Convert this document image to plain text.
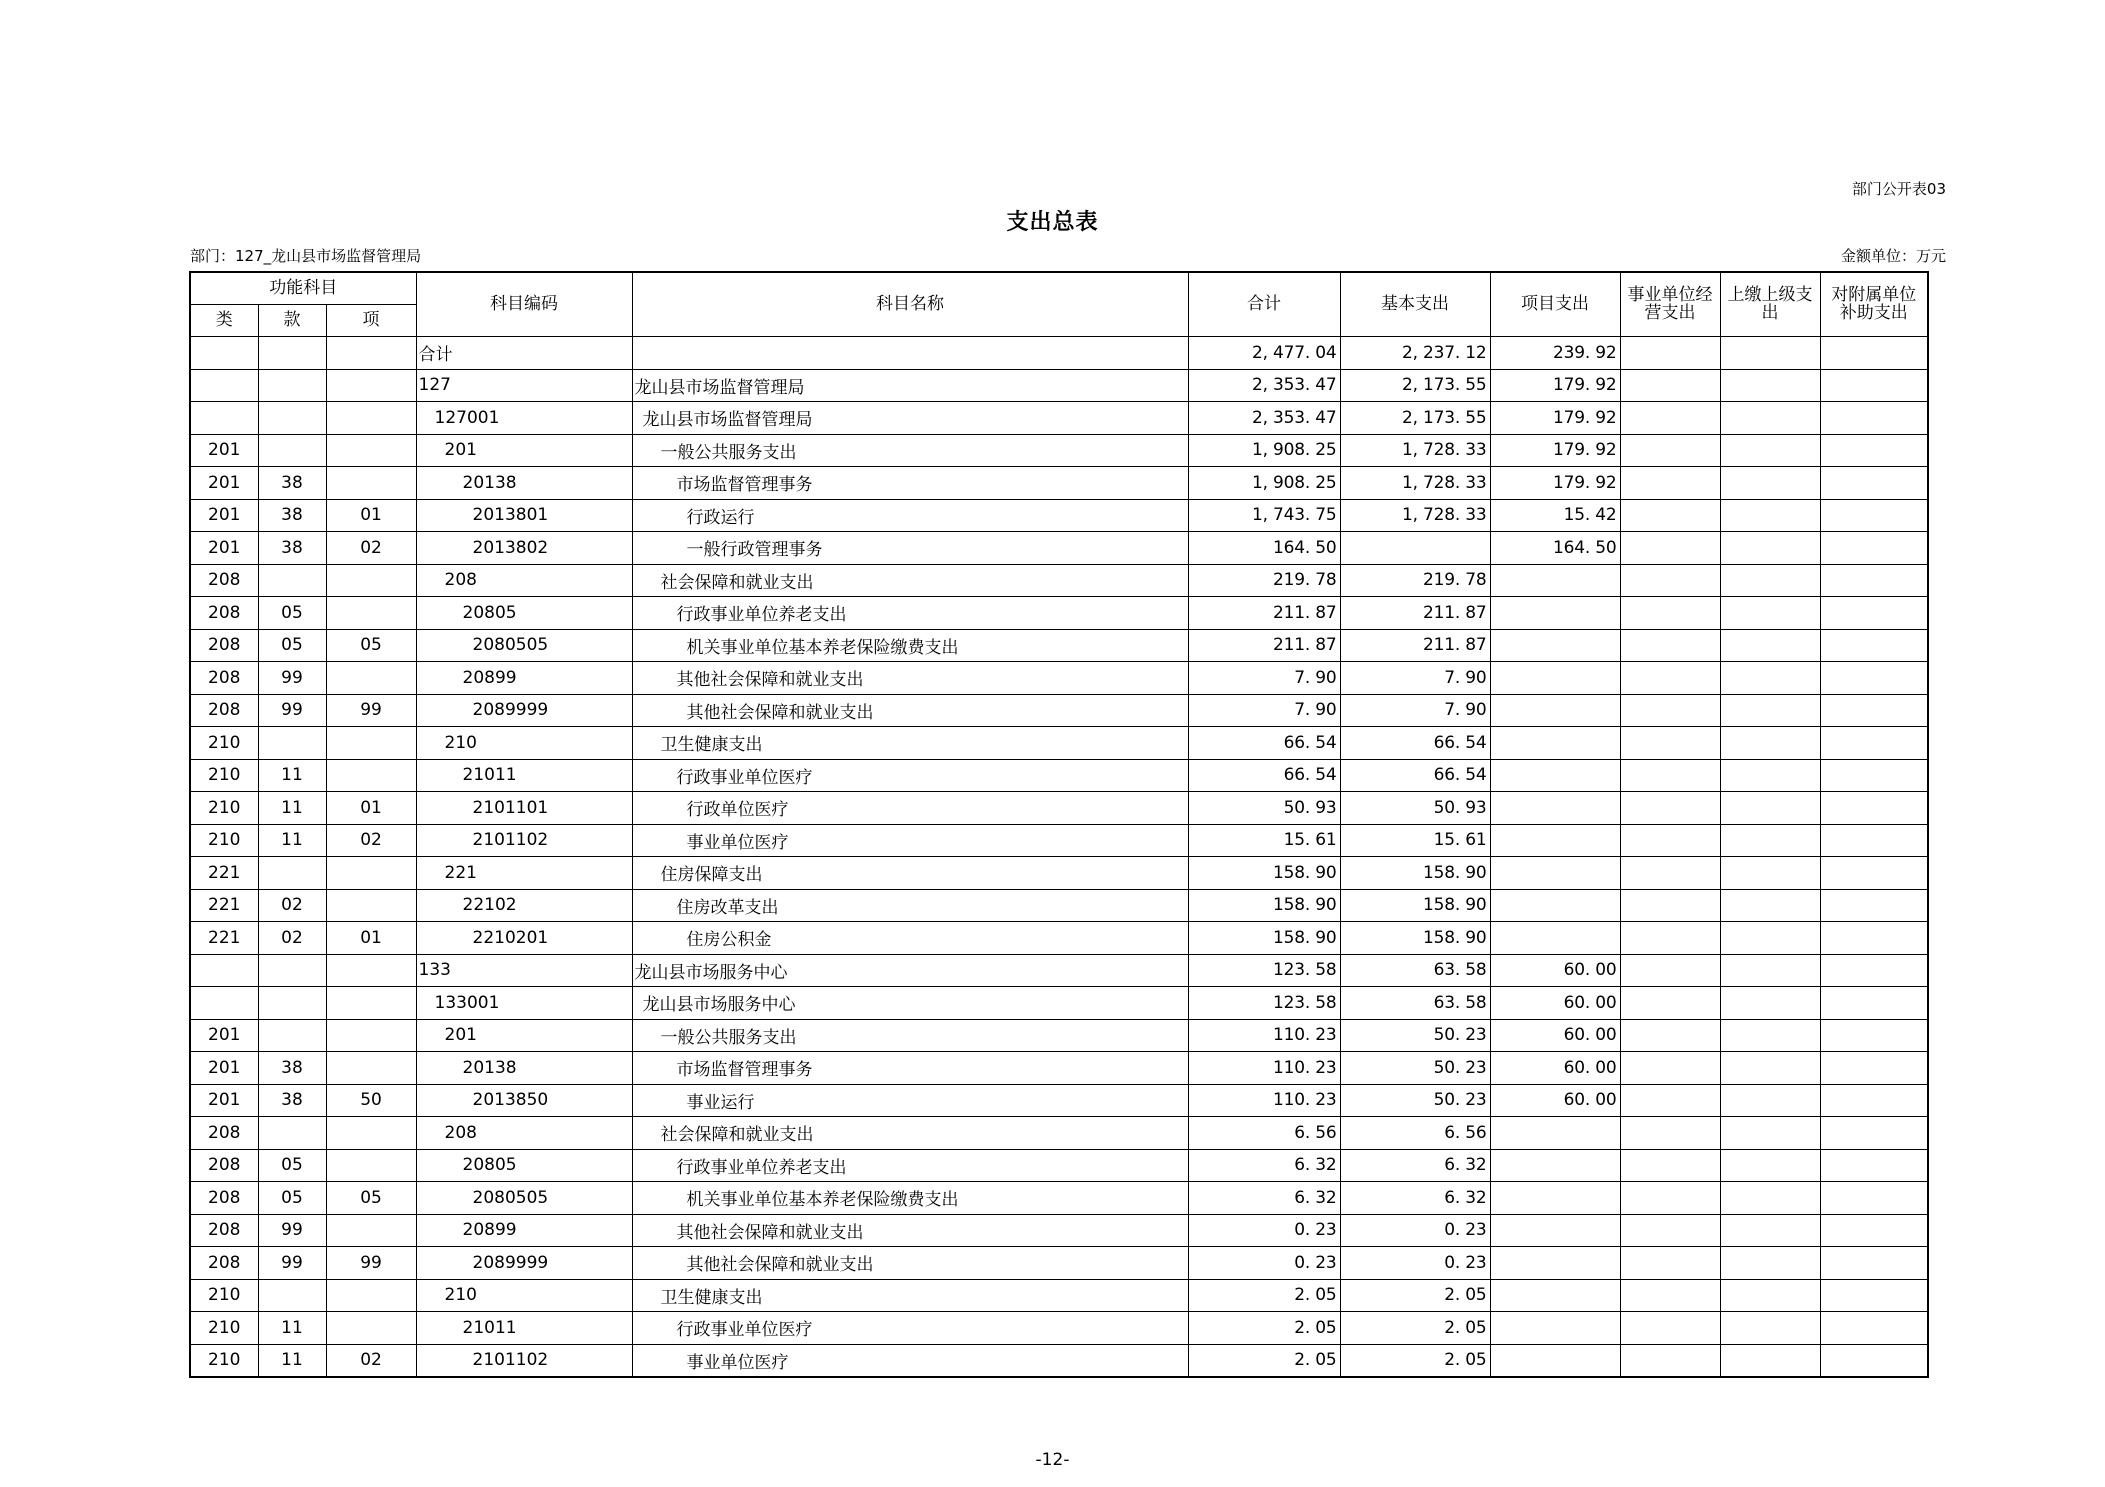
部门公开表03
支出总表
部门：127_龙山县市场监督管理局	金额单位：万元
功能科目			科目编码	科目名称	合计	基本支出	项目支出	事业单位经营支出	上缴上级支出	对附属单位补助支出
类	款	项								
			合计		2, 477. 04	2, 237. 12	239. 92			
			127	龙山县市场监督管理局	2, 353. 47	2, 173. 55	179. 92			
			127001	龙山县市场监督管理局	2, 353. 47	2, 173. 55	179. 92			
201			201	一般公共服务支出	1, 908. 25	1, 728. 33	179. 92			
201	38		20138	市场监督管理事务	1, 908. 25	1, 728. 33	179. 92			
201	38	01	2013801	行政运行	1, 743. 75	1, 728. 33	15. 42			
201	38	02	2013802	一般行政管理事务	164. 50		164. 50			
208			208	社会保障和就业支出	219. 78	219. 78				
208	05		20805	行政事业单位养老支出	211. 87	211. 87				
208	05	05	2080505	机关事业单位基本养老保险缴费支出	211. 87	211. 87				
208	99		20899	其他社会保障和就业支出	7. 90	7. 90				
208	99	99	2089999	其他社会保障和就业支出	7. 90	7. 90				
210			210	卫生健康支出	66. 54	66. 54				
210	11		21011	行政事业单位医疗	66. 54	66. 54				
210	11	01	2101101	行政单位医疗	50. 93	50. 93				
210	11	02	2101102	事业单位医疗	15. 61	15. 61				
221			221	住房保障支出	158. 90	158. 90				
221	02		22102	住房改革支出	158. 90	158. 90				
221	02	01	2210201	住房公积金	158. 90	158. 90				
			133	龙山县市场服务中心	123. 58	63. 58	60. 00			
			133001	龙山县市场服务中心	123. 58	63. 58	60. 00			
201			201	一般公共服务支出	110. 23	50. 23	60. 00			
201	38		20138	市场监督管理事务	110. 23	50. 23	60. 00			
201	38	50	2013850	事业运行	110. 23	50. 23	60. 00			
208			208	社会保障和就业支出	6. 56	6. 56				
208	05		20805	行政事业单位养老支出	6. 32	6. 32				
208	05	05	2080505	机关事业单位基本养老保险缴费支出	6. 32	6. 32				
208	99		20899	其他社会保障和就业支出	0. 23	0. 23				
208	99	99	2089999	其他社会保障和就业支出	0. 23	0. 23				
210			210	卫生健康支出	2. 05	2. 05				
210	11		21011	行政事业单位医疗	2. 05	2. 05				
210	11	02	2101102	事业单位医疗	2. 05	2. 05				
-12-
